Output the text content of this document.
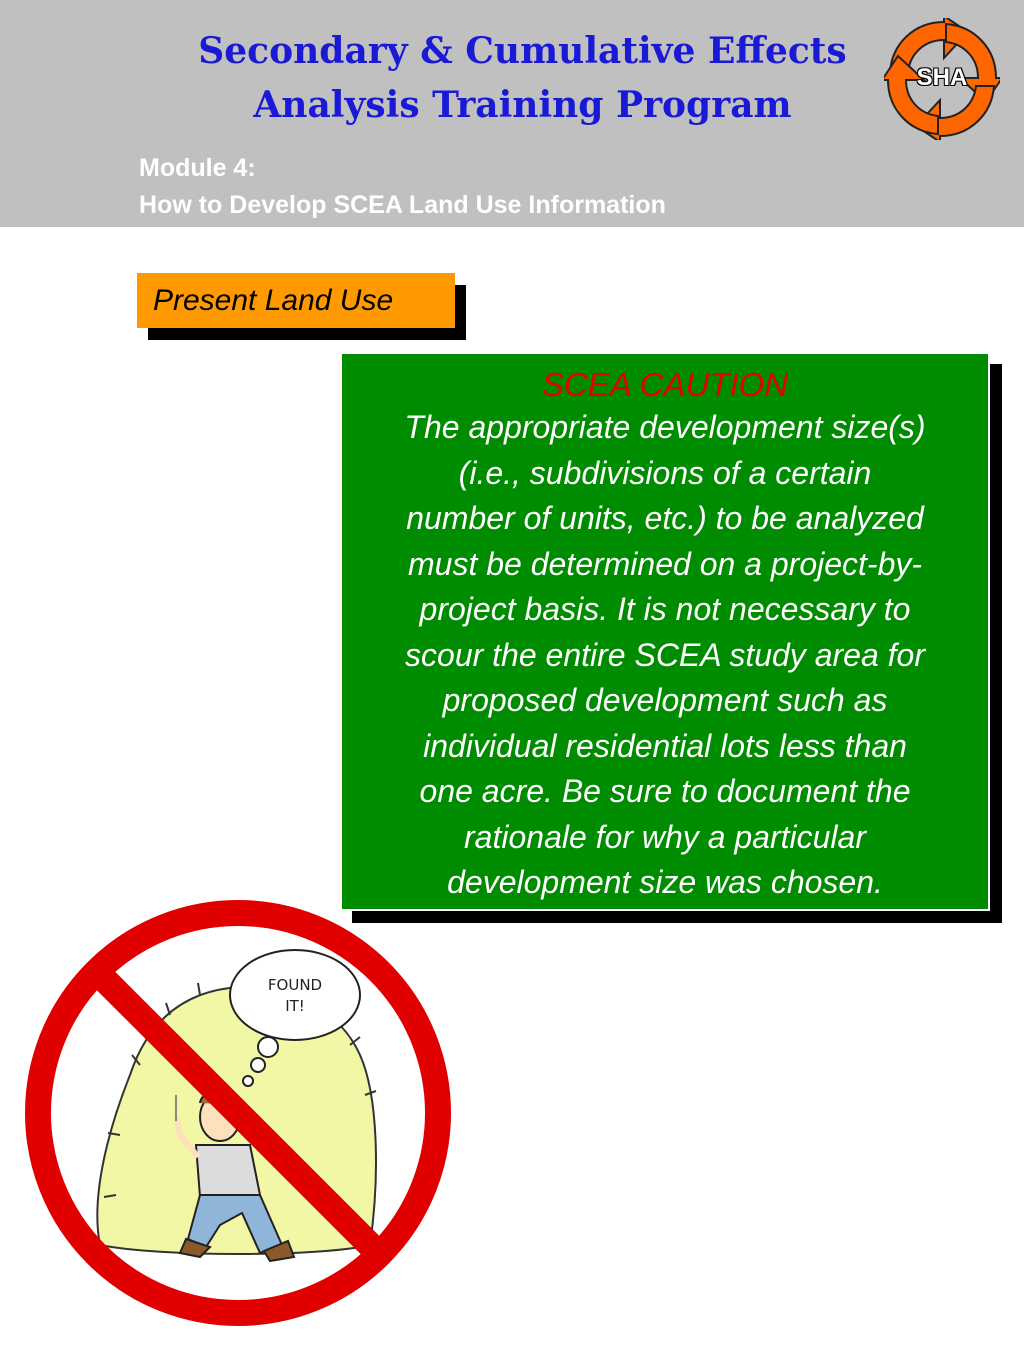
Secondary & Cumulative Effects
Analysis Training Program
Module 4:
How to Develop SCEA Land Use Information
SHA
Present Land Use
SCEA CAUTION
The appropriate development size(s)
(i.e., subdivisions of a certain
number of units, etc.) to be analyzed
must be determined on a project-by-
project basis. It is not necessary to
scour the entire SCEA study area for
proposed development such as
individual residential lots less than
one acre. Be sure to document the
rationale for why a particular
development size was chosen.
FOUND
IT!
